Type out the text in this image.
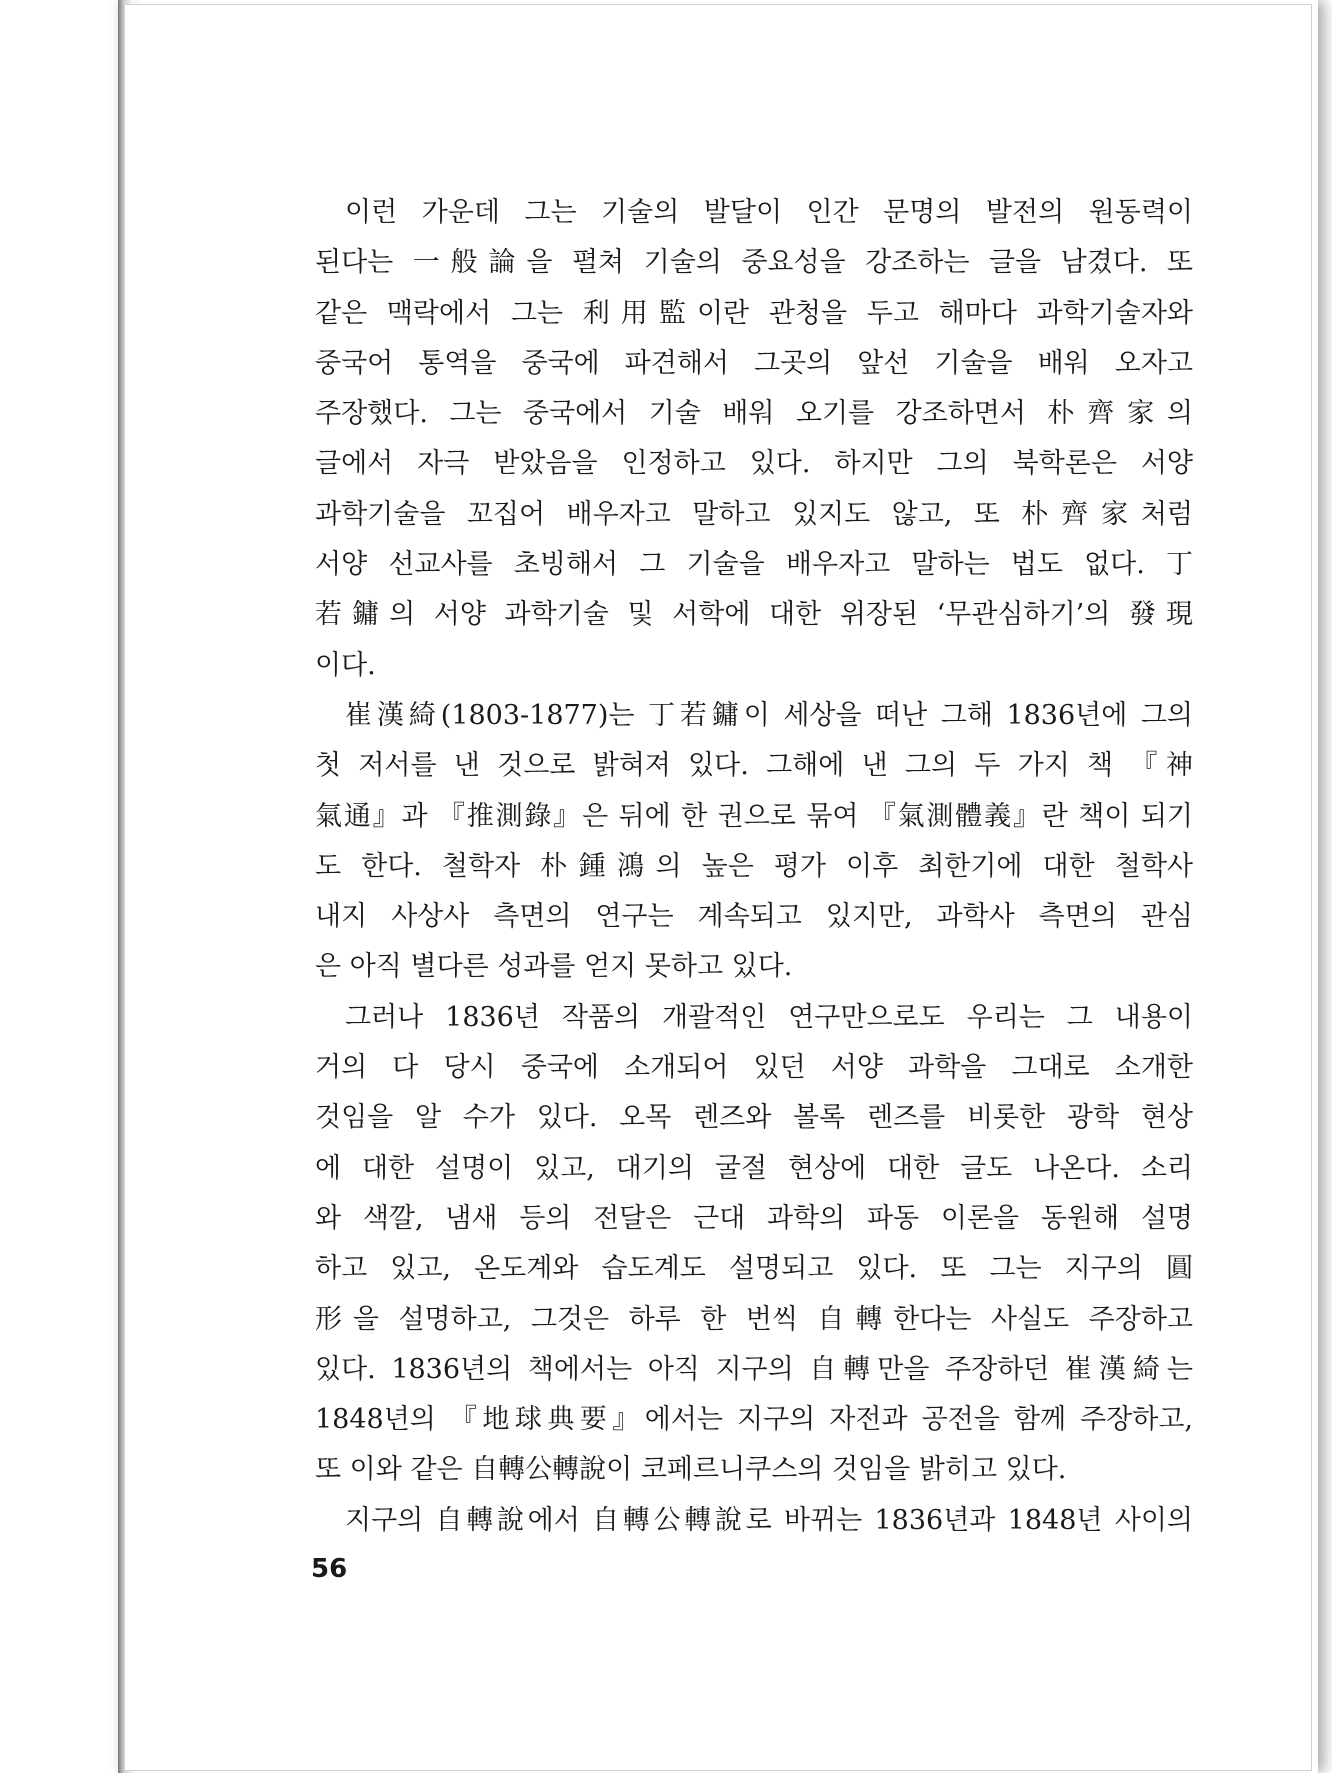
이런 가운데 그는 기술의 발달이 인간 문명의 발전의 원동력이
된다는 一般論을 펼쳐 기술의 중요성을 강조하는 글을 남겼다. 또
같은 맥락에서 그는 利用監이란 관청을 두고 해마다 과학기술자와
중국어 통역을 중국에 파견해서 그곳의 앞선 기술을 배워 오자고
주장했다. 그는 중국에서 기술 배워 오기를 강조하면서 朴齊家의
글에서 자극 받았음을 인정하고 있다. 하지만 그의 북학론은 서양
과학기술을 꼬집어 배우자고 말하고 있지도 않고, 또 朴齊家처럼
서양 선교사를 초빙해서 그 기술을 배우자고 말하는 법도 없다. 丁
若鏞의 서양 과학기술 및 서학에 대한 위장된 ‘무관심하기’의 發現
이다.
崔漢綺(1803-1877)는 丁若鏞이 세상을 떠난 그해 1836년에 그의
첫 저서를 낸 것으로 밝혀져 있다. 그해에 낸 그의 두 가지 책 『神
氣通』과 『推測錄』은 뒤에 한 권으로 묶여 『氣測體義』란 책이 되기
도 한다. 철학자 朴鍾鴻의 높은 평가 이후 최한기에 대한 철학사
내지 사상사 측면의 연구는 계속되고 있지만, 과학사 측면의 관심
은 아직 별다른 성과를 얻지 못하고 있다.
그러나 1836년 작품의 개괄적인 연구만으로도 우리는 그 내용이
거의 다 당시 중국에 소개되어 있던 서양 과학을 그대로 소개한
것임을 알 수가 있다. 오목 렌즈와 볼록 렌즈를 비롯한 광학 현상
에 대한 설명이 있고, 대기의 굴절 현상에 대한 글도 나온다. 소리
와 색깔, 냄새 등의 전달은 근대 과학의 파동 이론을 동원해 설명
하고 있고, 온도계와 습도계도 설명되고 있다. 또 그는 지구의 圓
形을 설명하고, 그것은 하루 한 번씩 自轉한다는 사실도 주장하고
있다. 1836년의 책에서는 아직 지구의 自轉만을 주장하던 崔漢綺는
1848년의 『地球典要』에서는 지구의 자전과 공전을 함께 주장하고,
또 이와 같은 自轉公轉說이 코페르니쿠스의 것임을 밝히고 있다.
지구의 自轉說에서 自轉公轉說로 바뀌는 1836년과 1848년 사이의
56
